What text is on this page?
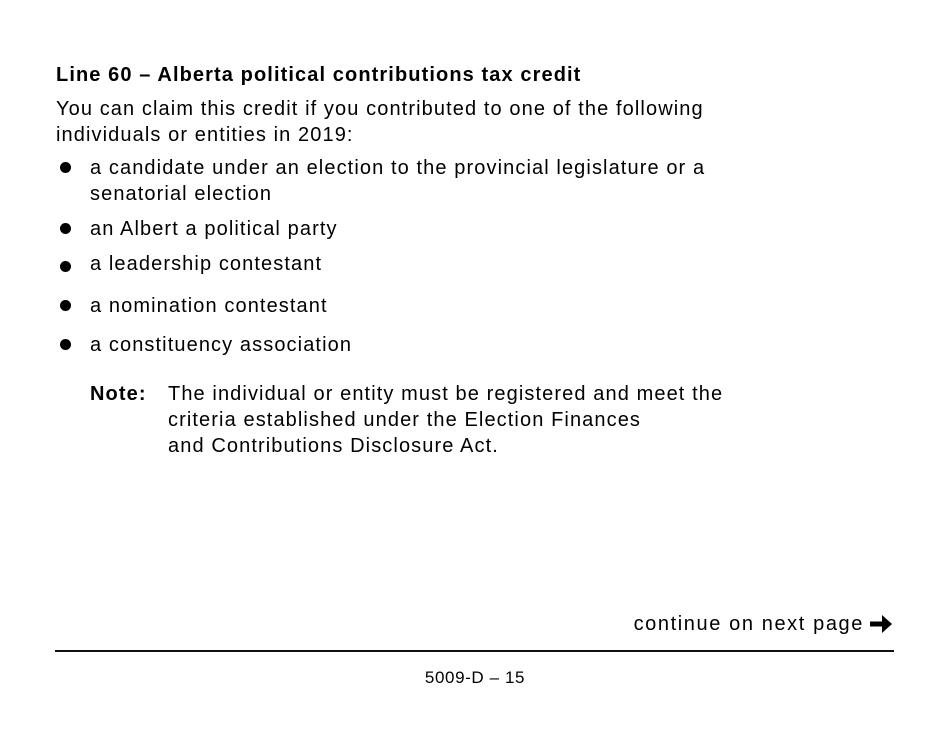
Line 60 – Alberta political contributions tax credit
You can claim this credit if you contributed to one of the following
individuals or entities in 2019:
a candidate under an election to the provincial legislature or a
senatorial election
an Albert a political party
a leadership contestant
a nomination contestant
a constituency association
Note: The individual or entity must be registered and meet the
criteria established under the Election Finances
and Contributions Disclosure Act.
continue on next page
5009-D – 15
